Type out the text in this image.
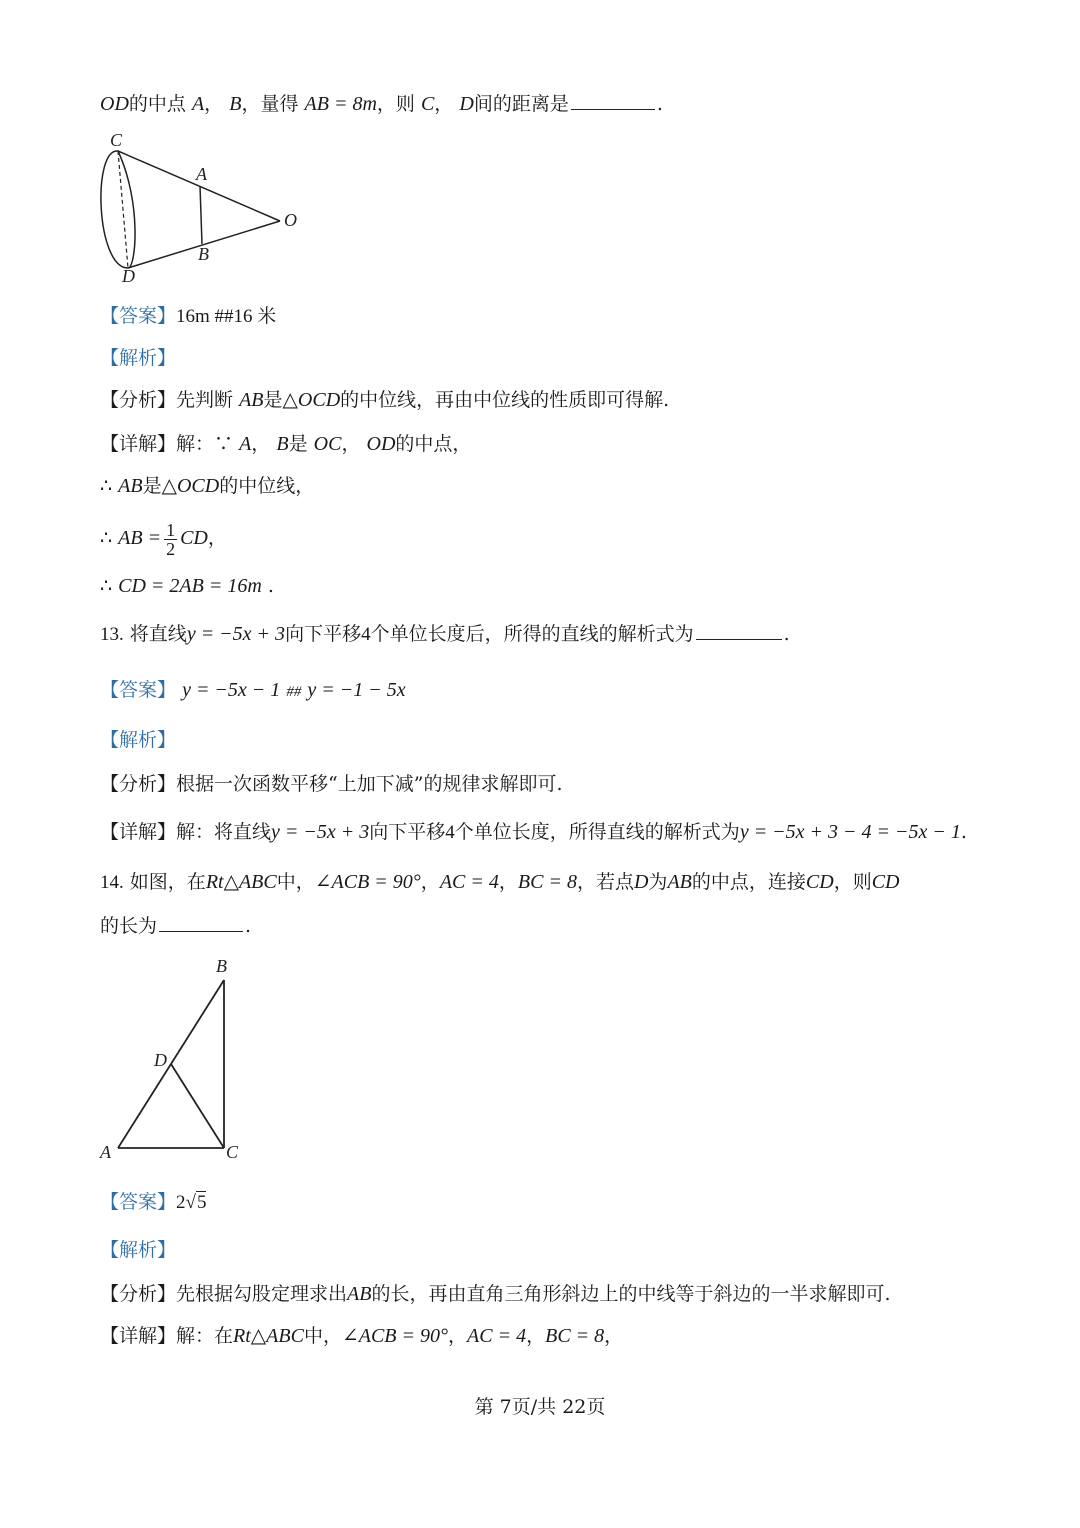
OD的中点 A， B，量得 AB = 8m，则 C， D间的距离是	.
C
A
O
B
D
【答案】16m ##16 米
【解析】
【分析】先判断 AB是△OCD的中位线，再由中位线的性质即可得解.
【详解】解：∵ A， B是 OC， OD的中点，
∴ AB是△OCD的中位线，
∴ AB = $\frac{1}{2}$ CD，
∴ CD = 2AB = 16m .
13. 将直线y = −5x + 3向下平移4个单位长度后，所得的直线的解析式为	.
【答案】 y = −5x − 1 ## y = −1 − 5x
【解析】
【分析】根据一次函数平移“上加下减”的规律求解即可.
【详解】解：将直线y = −5x + 3向下平移4个单位长度，所得直线的解析式为y = −5x + 3 − 4 = −5x − 1.
14. 如图，在Rt△ABC中，∠ACB = 90°，AC = 4，BC = 8，若点D为AB的中点，连接CD，则CD
的长为	.
B
D
A	C
【答案】2√5
【解析】
【分析】先根据勾股定理求出AB的长，再由直角三角形斜边上的中线等于斜边的一半求解即可.
【详解】解：在Rt△ABC中，∠ACB = 90°，AC = 4，BC = 8，
第 7页/共 22页
